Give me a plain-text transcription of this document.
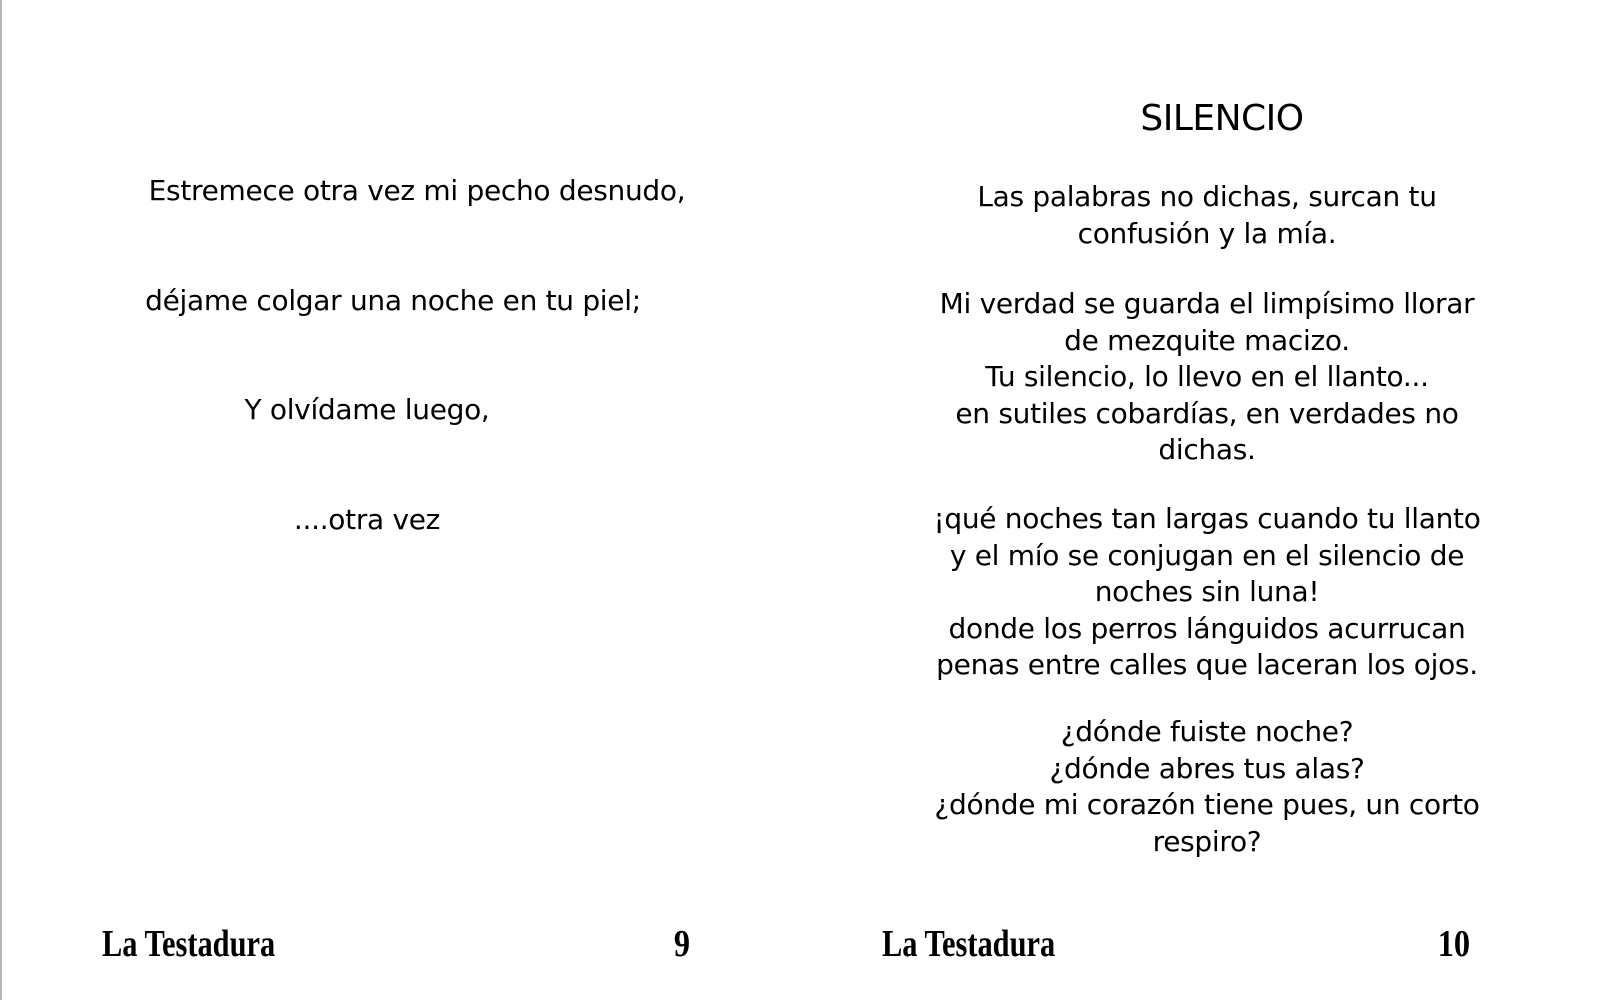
Estremece otra vez mi pecho desnudo,

déjame colgar una noche en tu piel;

Y olvídame luego,

....otra vez

La Testadura	9
SILENCIO
Las palabras no dichas, surcan tu
confusión y la mía.
Mi verdad se guarda el limpísimo llorar
de mezquite macizo.
Tu silencio, lo llevo en el llanto...
en sutiles cobardías, en verdades no
dichas.
¡qué noches tan largas cuando tu llanto
y el mío se conjugan en el silencio de
noches sin luna!
donde los perros lánguidos acurrucan
penas entre calles que laceran los ojos.
¿dónde fuiste noche?
¿dónde abres tus alas?
¿dónde mi corazón tiene pues, un corto
respiro?
La Testadura	10
